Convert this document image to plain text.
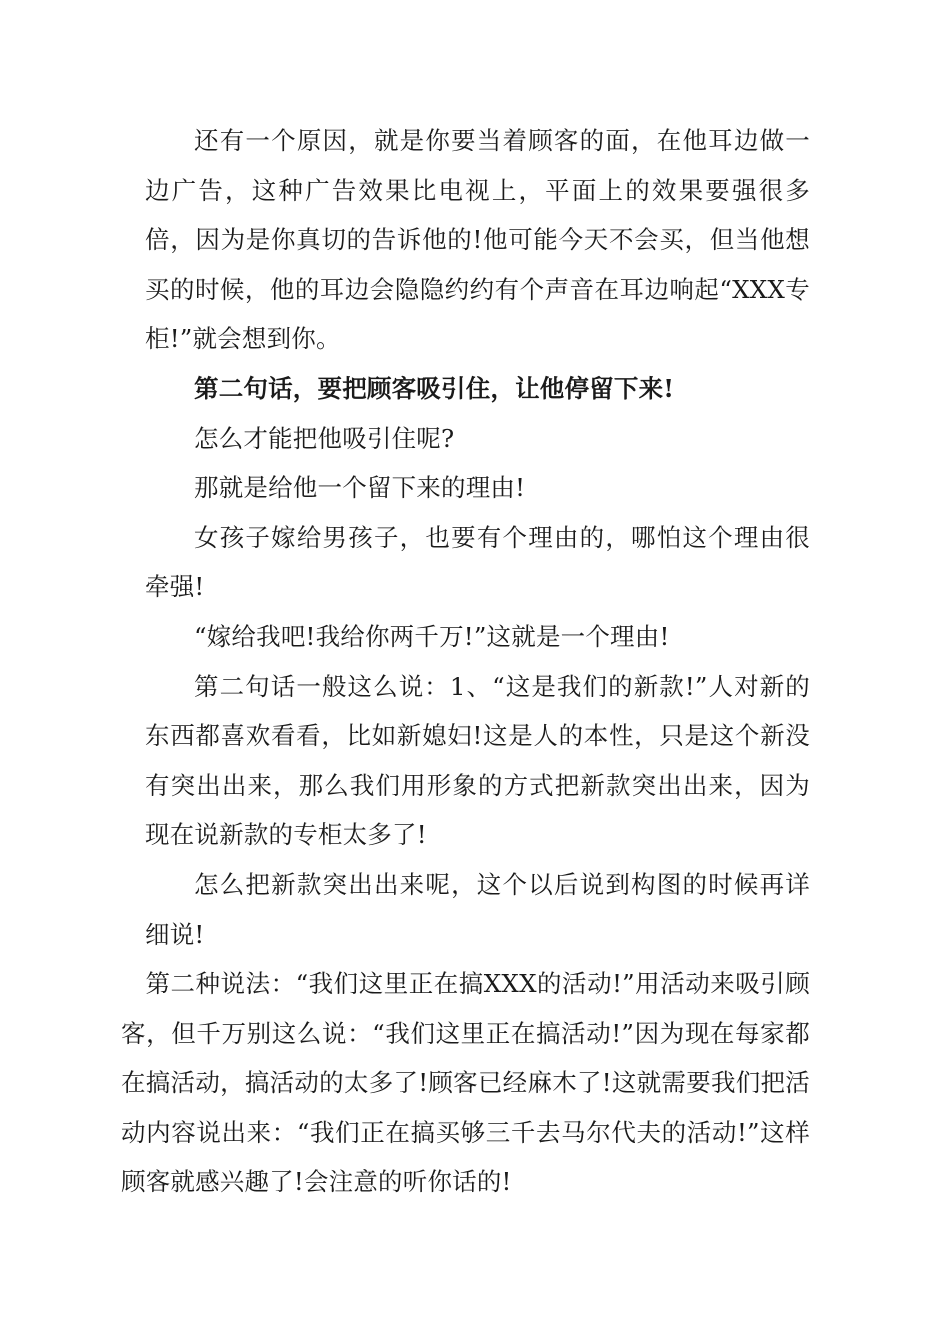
还有一个原因，就是你要当着顾客的面，在他耳边做一边广告，这种广告效果比电视上，平面上的效果要强很多倍，因为是你真切的告诉他的!他可能今天不会买，但当他想买的时候，他的耳边会隐隐约约有个声音在耳边响起“XXX专柜!”就会想到你。

第二句话，要把顾客吸引住，让他停留下来!

怎么才能把他吸引住呢?

那就是给他一个留下来的理由!

女孩子嫁给男孩子，也要有个理由的，哪怕这个理由很牵强!

“嫁给我吧!我给你两千万!”这就是一个理由!

第二句话一般这么说：1、“这是我们的新款!”人对新的东西都喜欢看看，比如新媳妇!这是人的本性，只是这个新没有突出出来，那么我们用形象的方式把新款突出出来，因为现在说新款的专柜太多了!

怎么把新款突出出来呢，这个以后说到构图的时候再详细说!

第二种说法：“我们这里正在搞XXX的活动!”用活动来吸引顾客，但千万别这么说：“我们这里正在搞活动!”因为现在每家都在搞活动，搞活动的太多了!顾客已经麻木了!这就需要我们把活动内容说出来：“我们正在搞买够三千去马尔代夫的活动!”这样顾客就感兴趣了!会注意的听你话的!
